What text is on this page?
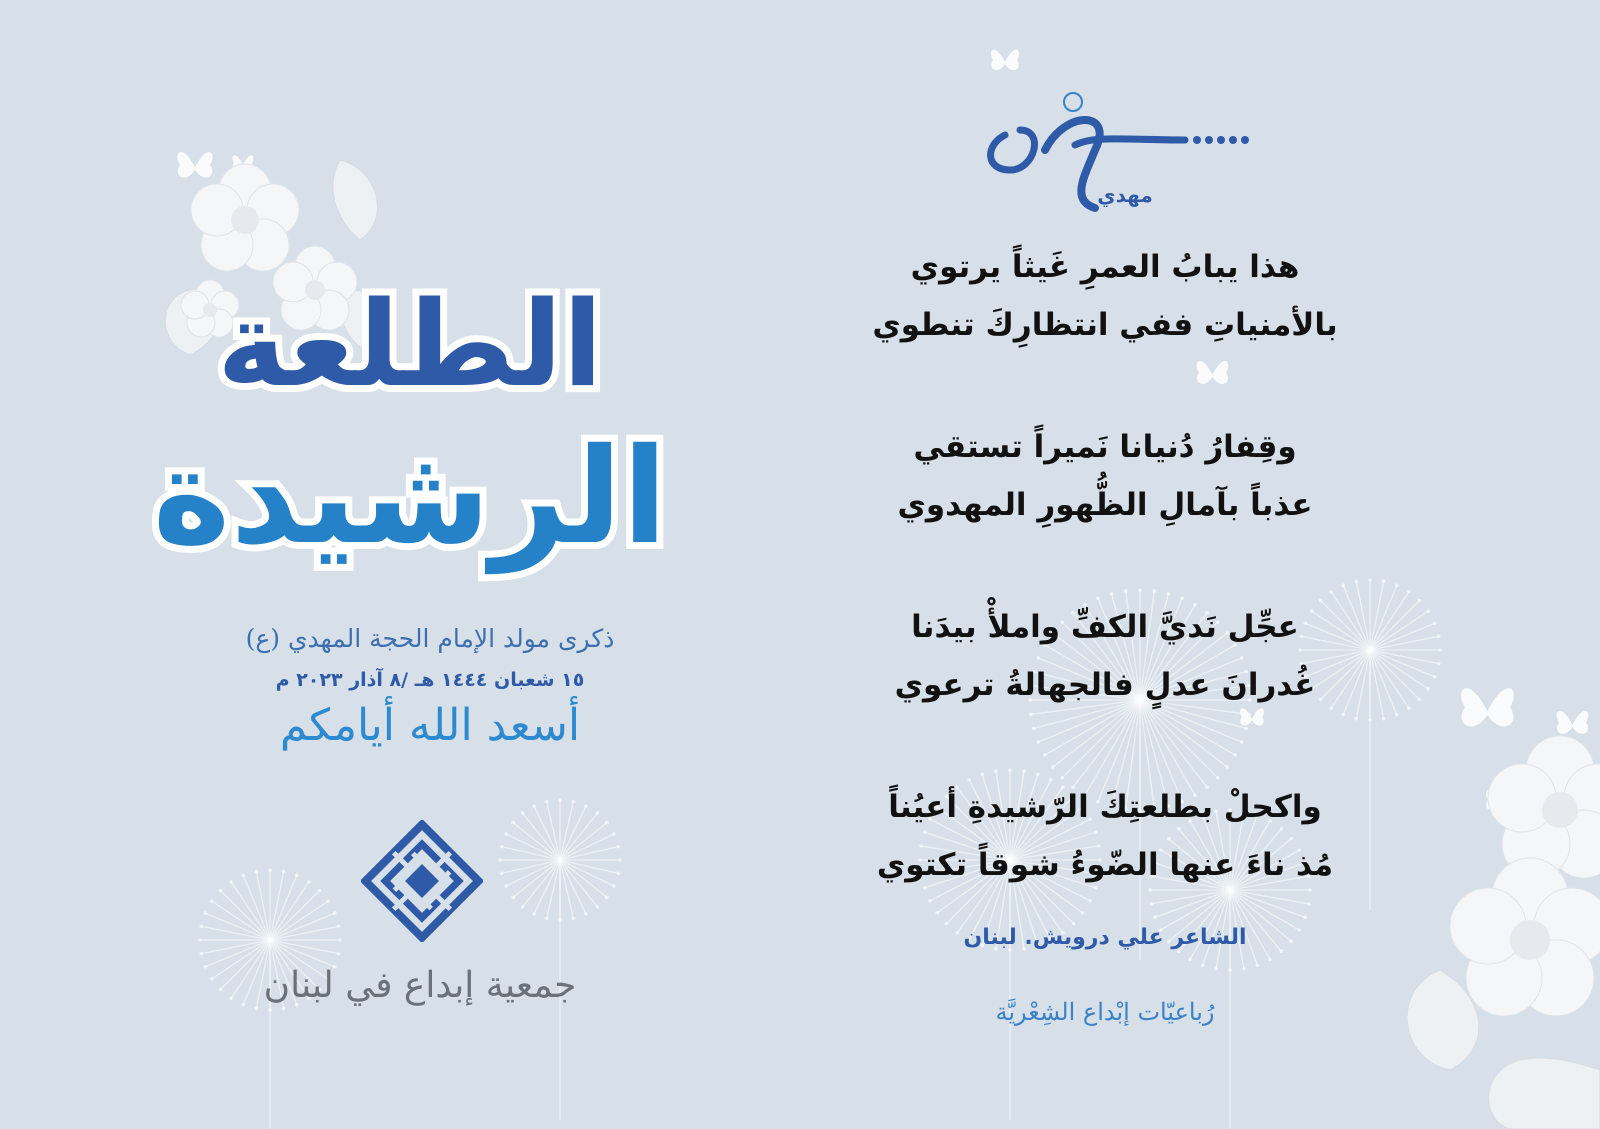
الطلعة
الرشيدة
ذكرى مولد الإمام الحجة المهدي (ع)
١٥ شعبان ١٤٤٤ هـ /٨ آذار ٢٠٢٣ م
أسعد الله أيامكم
جمعية إبداع في لبنان
مهدي
هذا يبابُ العمرِ غَيثاً يرتوي
بالأمنياتِ ففي انتظارِكَ تنطوي
وقِفارُ دُنيانا نَميراً تستقي
عذباً بآمالِ الظُّهورِ المهدوي
عجِّل نَديَّ الكفِّ واملأْ بيدَنا
غُدرانَ عدلٍ فالجهالةُ ترعوي
واكحلْ بطلعتِكَ الرّشيدةِ أعيُناً
مُذ ناءَ عنها الضّوءُ شوقاً تكتوي
الشاعر علي درويش. لبنان
رُباعيّات إبْداع الشِعْريَّة
